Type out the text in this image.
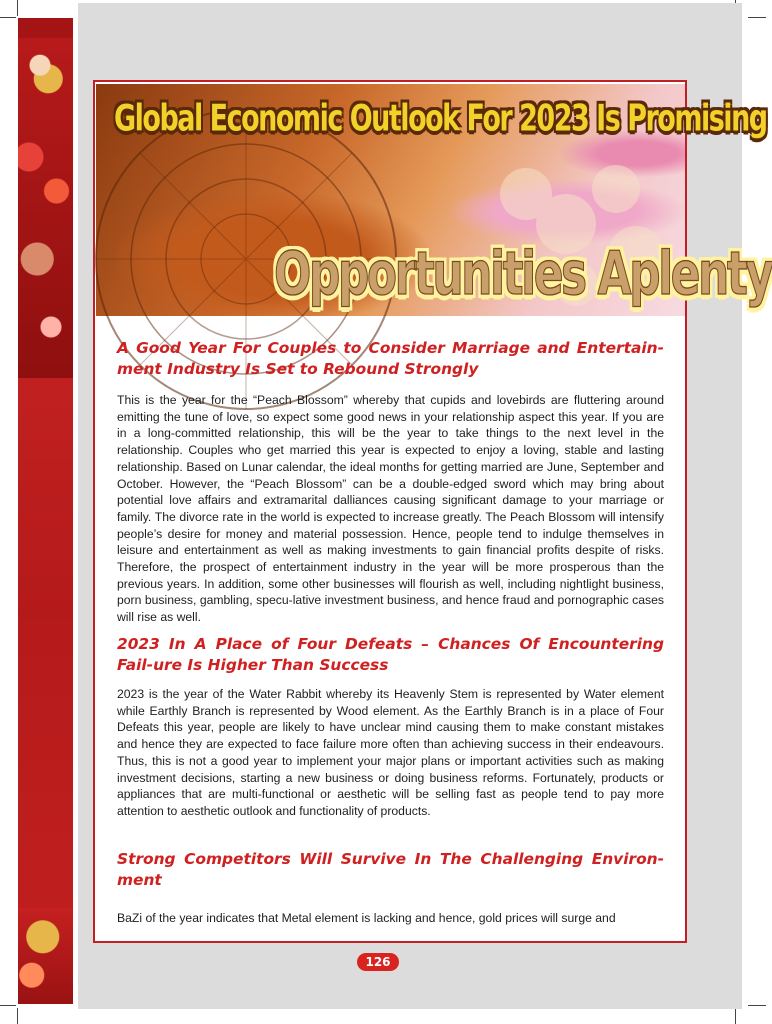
Global Economic Outlook For 2023 Is Promising
Opportunities Aplenty
A Good Year For Couples to Consider Marriage and Entertain-ment Industry Is Set to Rebound Strongly

This is the year for the “Peach Blossom” whereby that cupids and lovebirds are fluttering around emitting the tune of love, so expect some good news in your relationship aspect this year. If you are in a long-committed relationship, this will be the year to take things to the next level in the relationship. Couples who get married this year is expected to enjoy a loving, stable and lasting relationship. Based on Lunar calendar, the ideal months for getting married are June, September and October. However, the “Peach Blossom” can be a double-edged sword which may bring about potential love affairs and extramarital dalliances causing significant damage to your marriage or family. The divorce rate in the world is expected to increase greatly. The Peach Blossom will intensify people’s desire for money and material possession. Hence, people tend to indulge themselves in leisure and entertainment as well as making investments to gain financial profits despite of risks. Therefore, the prospect of entertainment industry in the year will be more prosperous than the previous years. In addition, some other businesses will flourish as well, including nightlight business, porn business, gambling, specu-lative investment business, and hence fraud and pornographic cases will rise as well.

2023 In A Place of Four Defeats – Chances Of Encountering Fail-ure Is Higher Than Success

2023 is the year of the Water Rabbit whereby its Heavenly Stem is represented by Water element while Earthly Branch is represented by Wood element. As the Earthly Branch is in a place of Four Defeats this year, people are likely to have unclear mind causing them to make constant mistakes and hence they are expected to face failure more often than achieving success in their endeavours. Thus, this is not a good year to implement your major plans or important activities such as making investment decisions, starting a new business or doing business reforms. Fortunately, products or appliances that are multi-functional or aesthetic will be selling fast as people tend to pay more attention to aesthetic outlook and functionality of products.

Strong Competitors Will Survive In The Challenging Environ-ment

BaZi of the year indicates that Metal element is lacking and hence, gold prices will surge and

126
